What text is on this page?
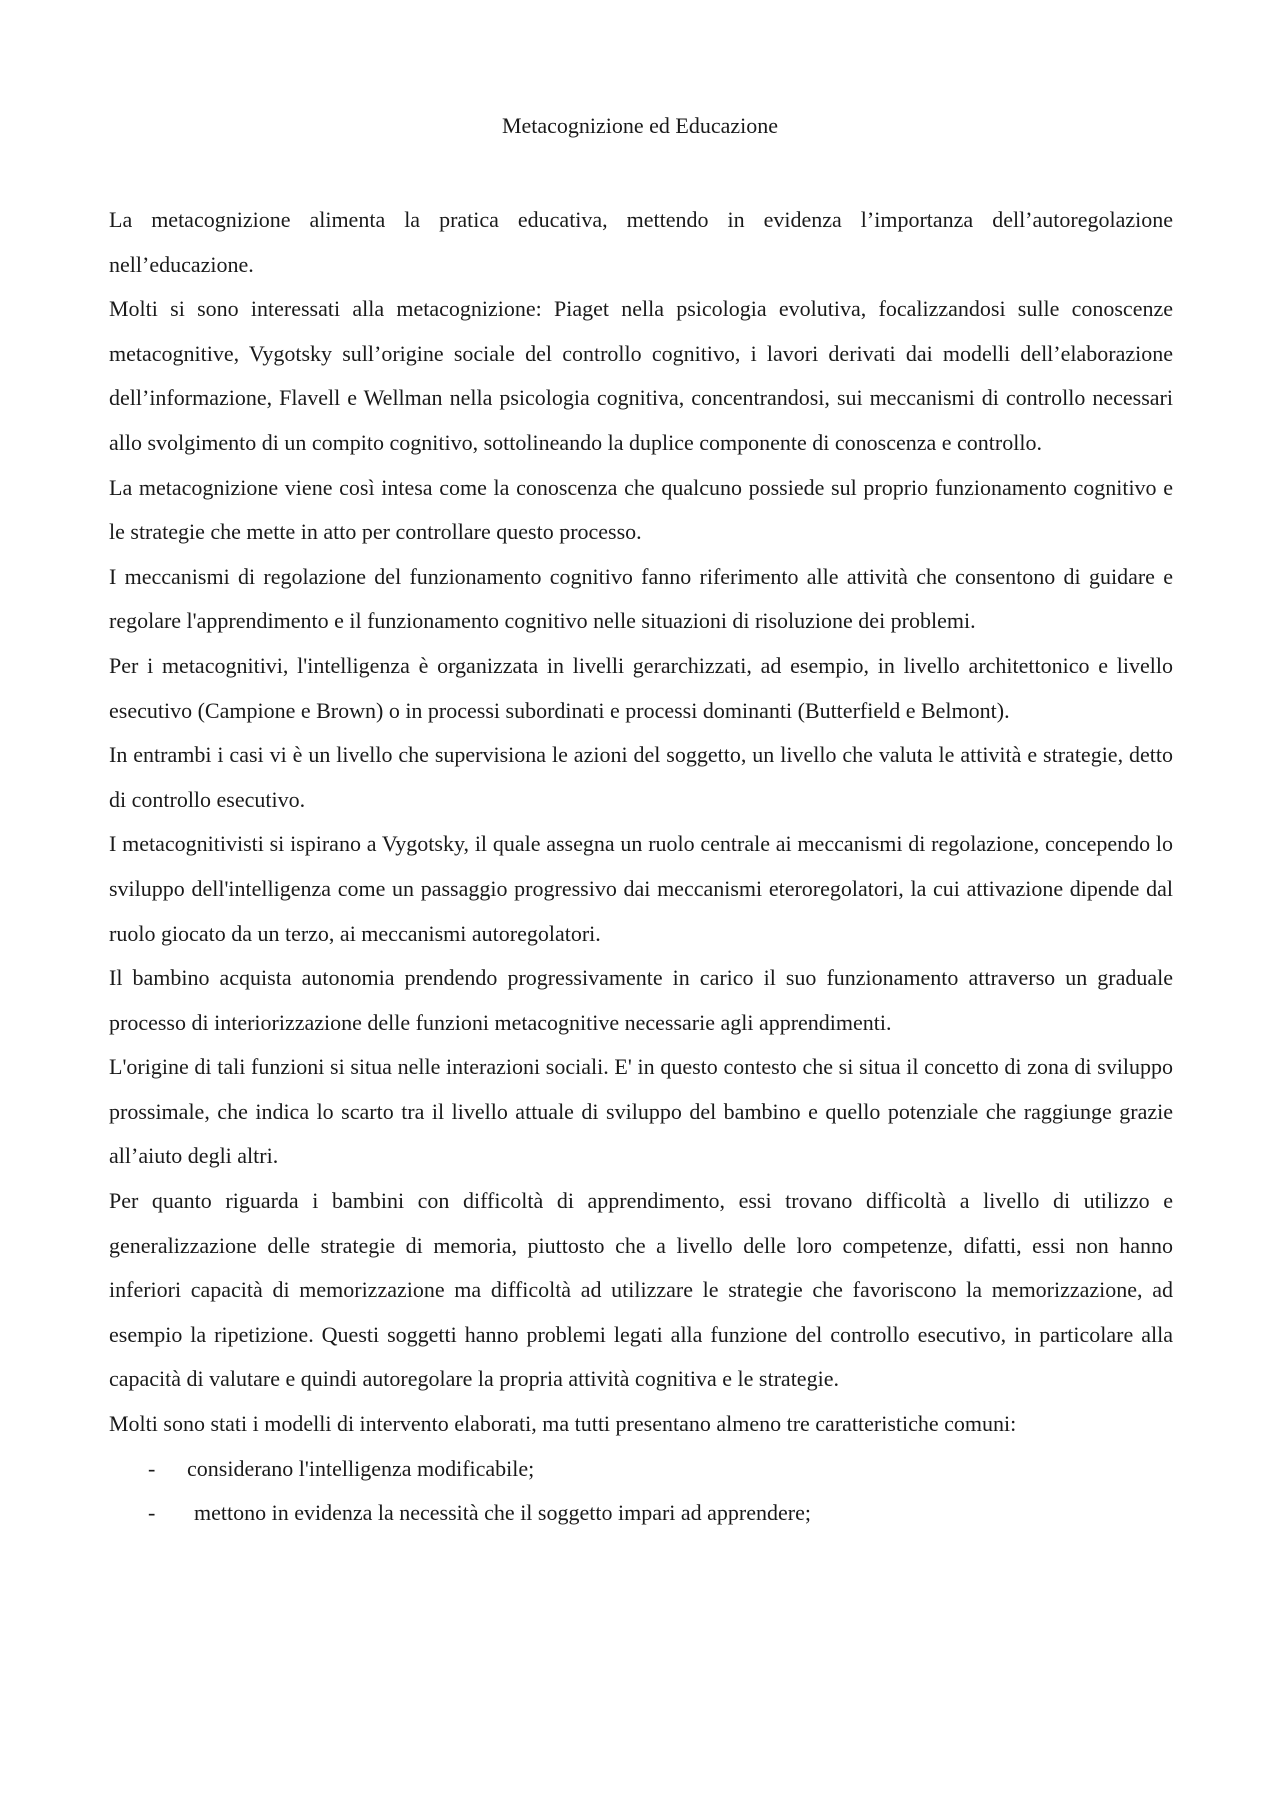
Metacognizione ed Educazione

La metacognizione alimenta la pratica educativa, mettendo in evidenza l’importanza dell’autoregolazione nell’educazione.

Molti si sono interessati alla metacognizione: Piaget nella psicologia evolutiva, focalizzandosi sulle conoscenze metacognitive, Vygotsky sull’origine sociale del controllo cognitivo, i lavori derivati dai modelli dell’elaborazione dell’informazione, Flavell e Wellman nella psicologia cognitiva, concentrandosi, sui meccanismi di controllo necessari allo svolgimento di un compito cognitivo, sottolineando la duplice componente di conoscenza e controllo.

La metacognizione viene così intesa come la conoscenza che qualcuno possiede sul proprio funzionamento cognitivo e le strategie che mette in atto per controllare questo processo.

I meccanismi di regolazione del funzionamento cognitivo fanno riferimento alle attività che consentono di guidare e regolare l'apprendimento e il funzionamento cognitivo nelle situazioni di risoluzione dei problemi.

Per i metacognitivi, l'intelligenza è organizzata in livelli gerarchizzati, ad esempio, in livello architettonico e livello esecutivo (Campione e Brown) o in processi subordinati e processi dominanti (Butterfield e Belmont).

In entrambi i casi vi è un livello che supervisiona le azioni del soggetto, un livello che valuta le attività e strategie, detto di controllo esecutivo.

I metacognitivisti si ispirano a Vygotsky, il quale assegna un ruolo centrale ai meccanismi di regolazione, concependo lo sviluppo dell'intelligenza come un passaggio progressivo dai meccanismi eteroregolatori, la cui attivazione dipende dal ruolo giocato da un terzo, ai meccanismi autoregolatori.

Il bambino acquista autonomia prendendo progressivamente in carico il suo funzionamento attraverso un graduale processo di interiorizzazione delle funzioni metacognitive necessarie agli apprendimenti.

L'origine di tali funzioni si situa nelle interazioni sociali. E' in questo contesto che si situa il concetto di zona di sviluppo prossimale, che indica lo scarto tra il livello attuale di sviluppo del bambino e quello potenziale che raggiunge grazie all’aiuto degli altri.

Per quanto riguarda i bambini con difficoltà di apprendimento, essi trovano difficoltà a livello di utilizzo e generalizzazione delle strategie di memoria, piuttosto che a livello delle loro competenze, difatti, essi non hanno inferiori capacità di memorizzazione ma difficoltà ad utilizzare le strategie che favoriscono la memorizzazione, ad esempio la ripetizione. Questi soggetti hanno problemi legati alla funzione del controllo esecutivo, in particolare alla capacità di valutare e quindi autoregolare la propria attività cognitiva e le strategie.

Molti sono stati i modelli di intervento elaborati, ma tutti presentano almeno tre caratteristiche comuni:

- considerano l'intelligenza modificabile;
- mettono in evidenza la necessità che il soggetto impari ad apprendere;
